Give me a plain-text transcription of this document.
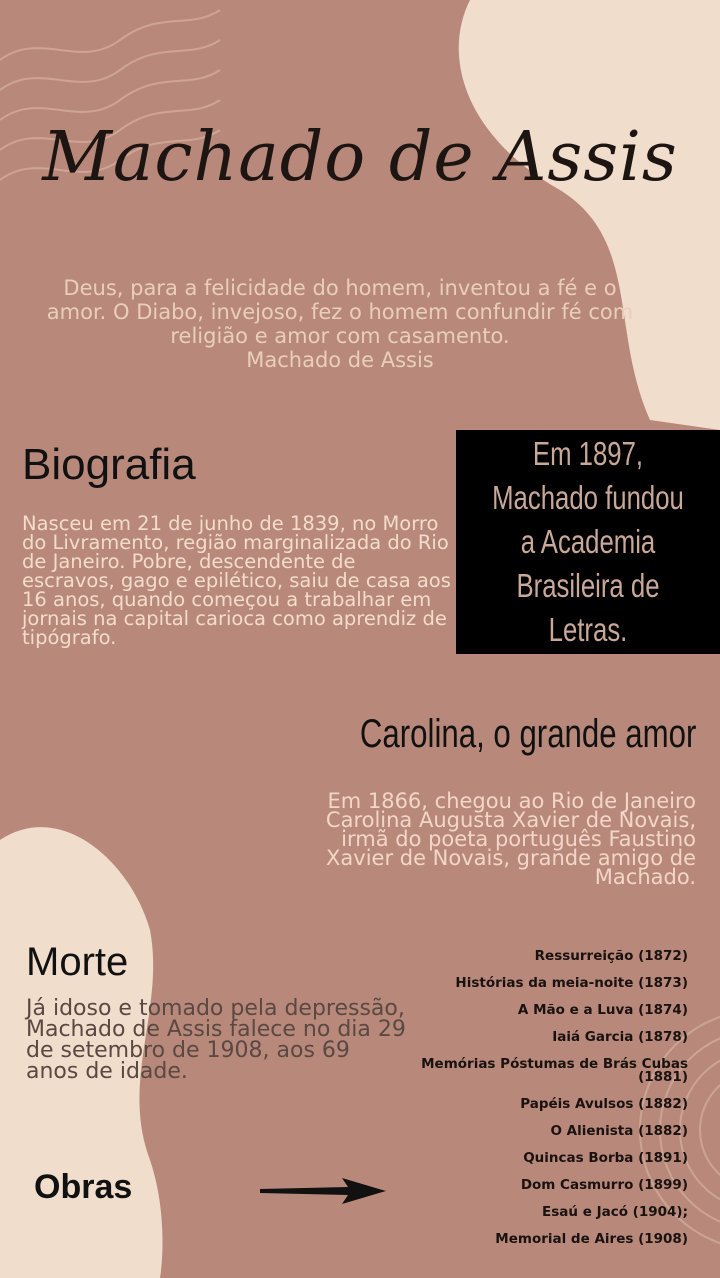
Machado de Assis
Deus, para a felicidade do homem, inventou a fé e o amor. O Diabo, invejoso, fez o homem confundir fé com religião e amor com casamento.
Machado de Assis
Biografia
Nasceu em 21 de junho de 1839, no Morro do Livramento, região marginalizada do Rio de Janeiro. Pobre, descendente de escravos, gago e epilético, saiu de casa aos 16 anos, quando começou a trabalhar em jornais na capital carioca como aprendiz de tipógrafo.
Em 1897, Machado fundou a Academia Brasileira de Letras.
Carolina, o grande amor
Em 1866, chegou ao Rio de Janeiro Carolina Augusta Xavier de Novais, irmã do poeta português Faustino Xavier de Novais, grande amigo de Machado.
Morte
Já idoso e tomado pela depressão, Machado de Assis falece no dia 29 de setembro de 1908, aos 69 anos de idade.
Obras
Ressurreição (1872)
Histórias da meia-noite (1873)
A Mão e a Luva (1874)
Iaiá Garcia (1878)
Memórias Póstumas de Brás Cubas (1881)
Papéis Avulsos (1882)
O Alienista (1882)
Quincas Borba (1891)
Dom Casmurro (1899)
Esaú e Jacó (1904);
Memorial de Aires (1908)
